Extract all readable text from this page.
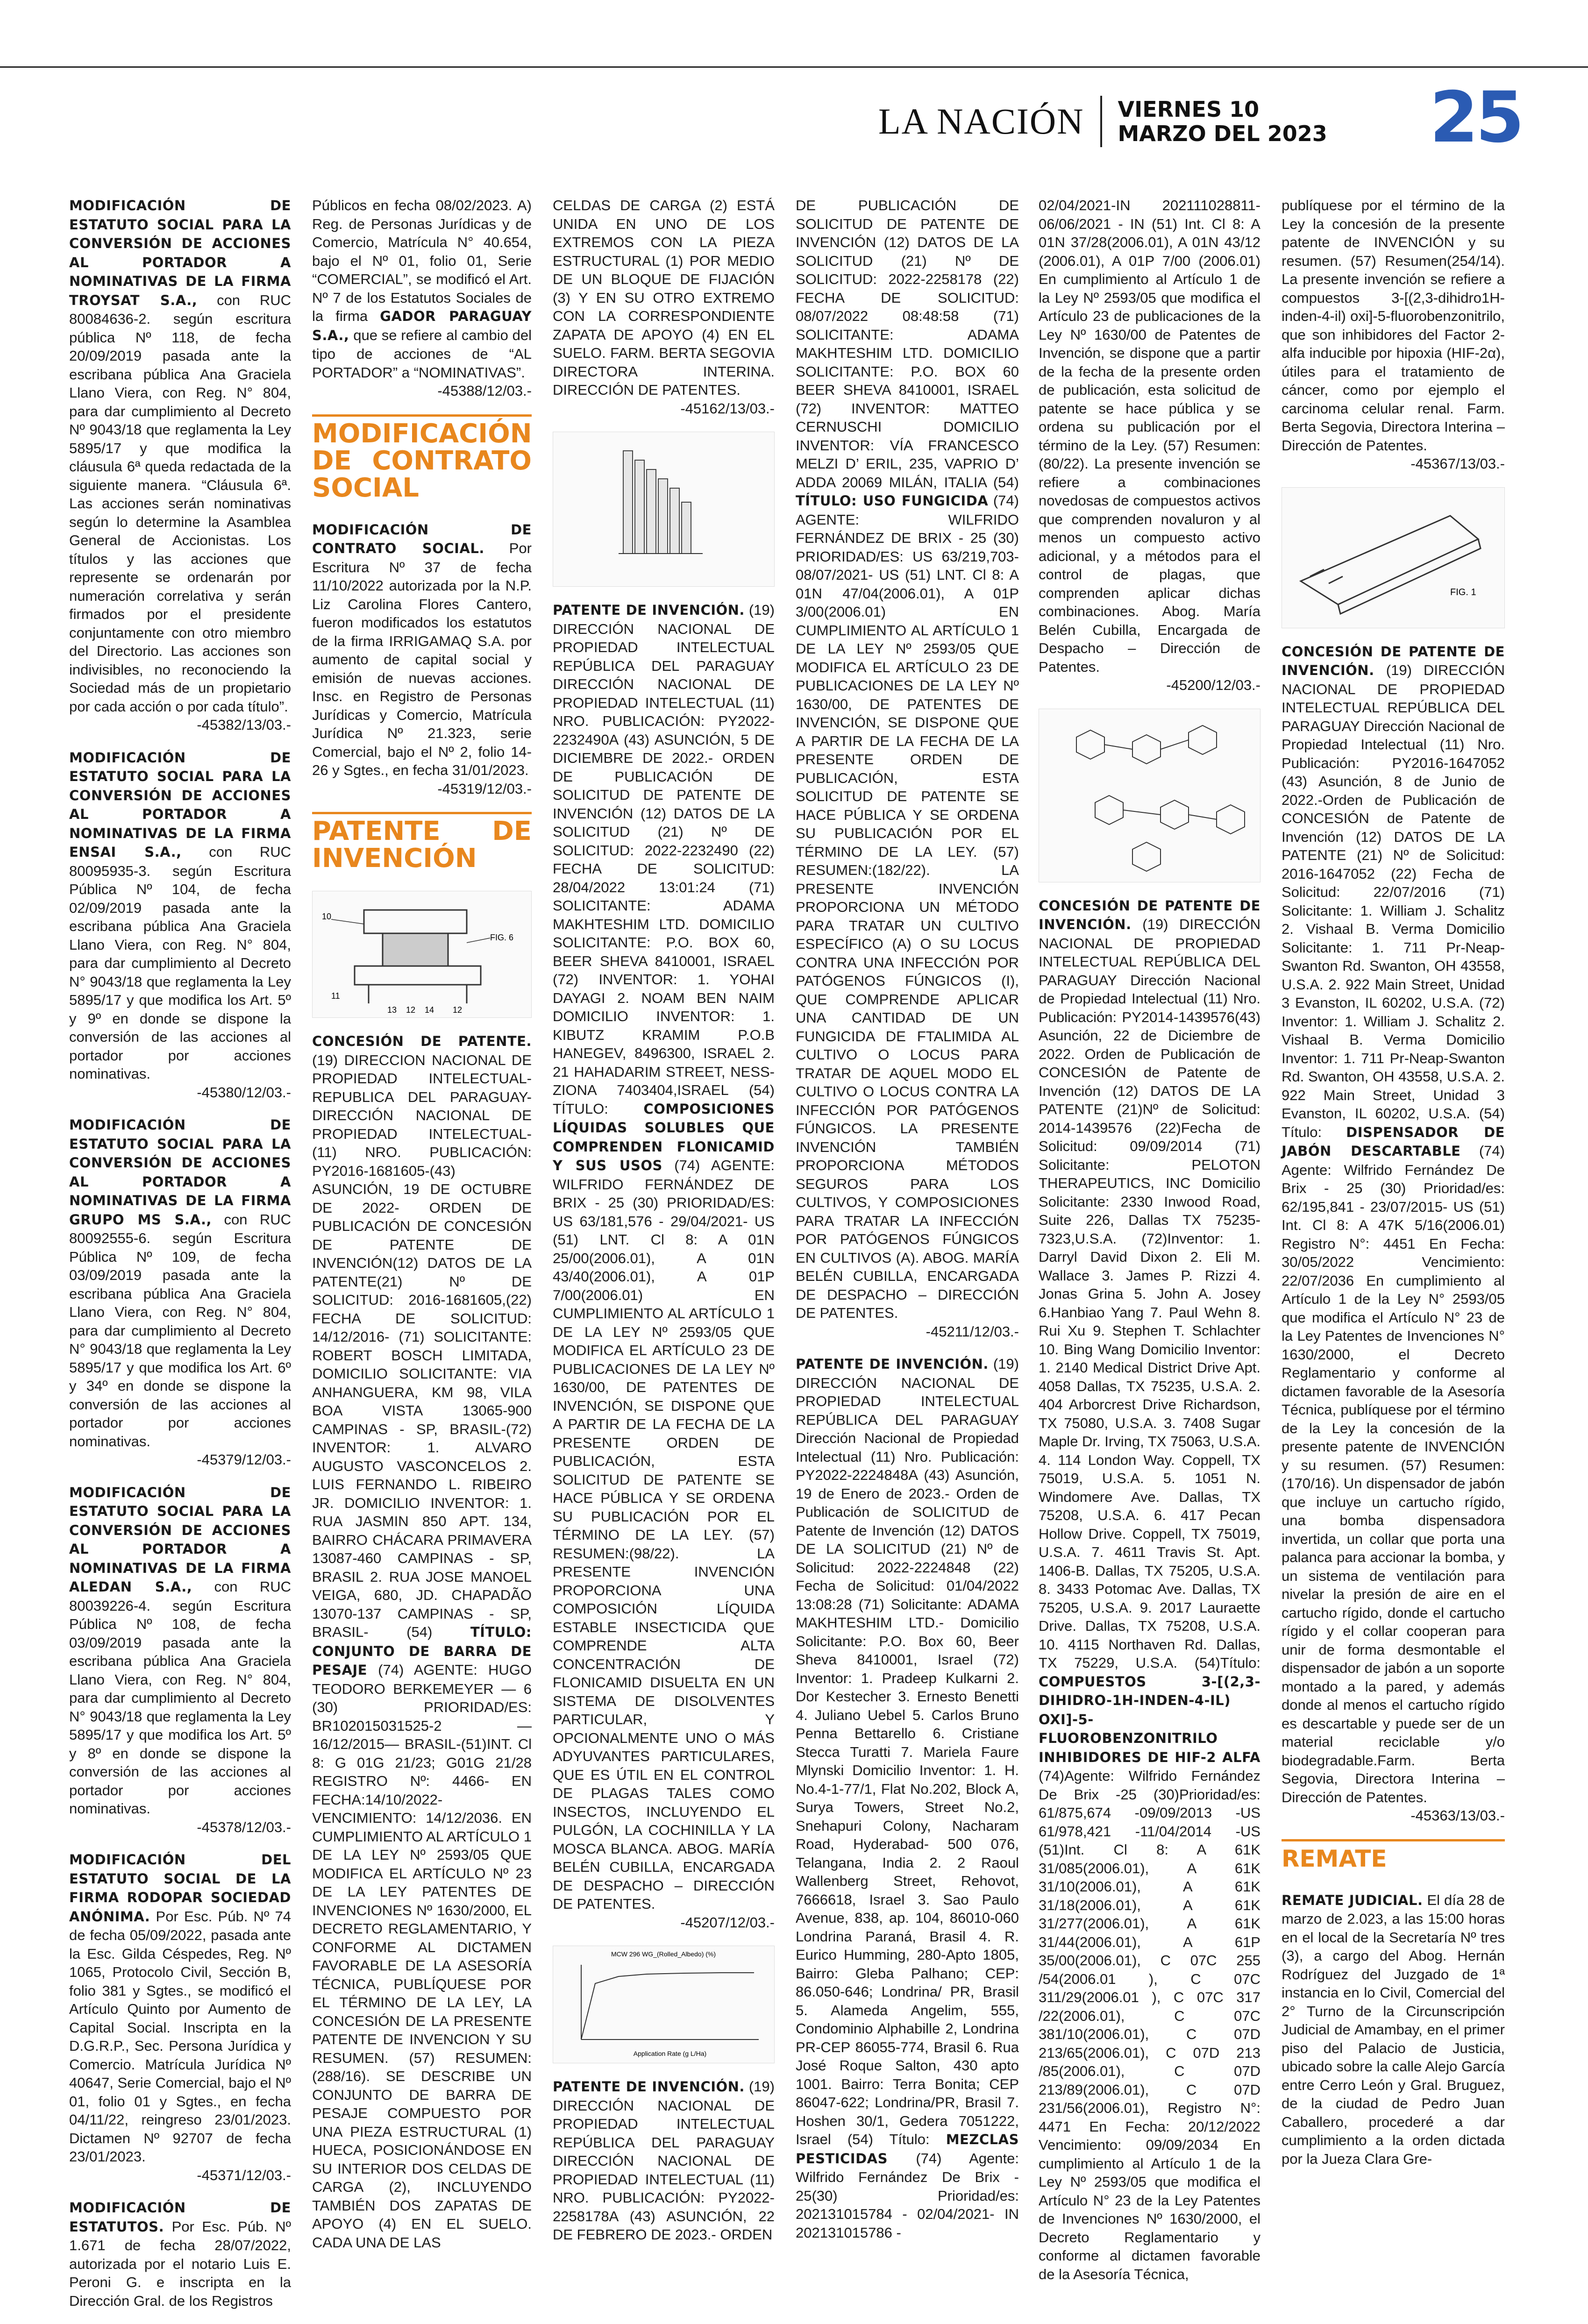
LA NACIÓN VIERNES 10
MARZO DEL 2023 25

MODIFICACIÓN DE ESTATUTO SOCIAL PARA LA CONVERSIÓN DE ACCIONES AL PORTADOR A NOMINATIVAS DE LA FIRMA TROYSAT S.A., con RUC 80084636-2. según escritura pública Nº 118, de fecha 20/09/2019 pasada ante la escribana pública Ana Graciela Llano Viera, con Reg. N° 804, para dar cumplimiento al Decreto Nº 9043/18 que reglamenta la Ley 5895/17 y que modifica la cláusula 6ª queda redactada de la siguiente manera. “Cláusula 6ª. Las acciones serán nominativas según lo determine la Asamblea General de Accionistas. Los títulos y las acciones que represente se ordenarán por numeración correlativa y serán firmados por el presidente conjuntamente con otro miembro del Directorio. Las acciones son indivisibles, no reconociendo la Sociedad más de un propietario por cada acción o por cada título”.
-45382/13/03.-

MODIFICACIÓN DE ESTATUTO SOCIAL PARA LA CONVERSIÓN DE ACCIONES AL PORTADOR A NOMINATIVAS DE LA FIRMA ENSAI S.A., con RUC 80095935-3. según Escritura Pública Nº 104, de fecha 02/09/2019 pasada ante la escribana pública Ana Graciela Llano Viera, con Reg. N° 804, para dar cumplimiento al Decreto N° 9043/18 que reglamenta la Ley 5895/17 y que modifica los Art. 5º y 9º en donde se dispone la conversión de las acciones al portador por acciones nominativas.
-45380/12/03.-

MODIFICACIÓN DE ESTATUTO SOCIAL PARA LA CONVERSIÓN DE ACCIONES AL PORTADOR A NOMINATIVAS DE LA FIRMA GRUPO MS S.A., con RUC 80092555-6. según Escritura Pública Nº 109, de fecha 03/09/2019 pasada ante la escribana pública Ana Graciela Llano Viera, con Reg. N° 804, para dar cumplimiento al Decreto N° 9043/18 que reglamenta la Ley 5895/17 y que modifica los Art. 6º y 34º en donde se dispone la conversión de las acciones al portador por acciones nominativas.
-45379/12/03.-

MODIFICACIÓN DE ESTATUTO SOCIAL PARA LA CONVERSIÓN DE ACCIONES AL PORTADOR A NOMINATIVAS DE LA FIRMA ALEDAN S.A., con RUC 80039226-4. según Escritura Pública Nº 108, de fecha 03/09/2019 pasada ante la escribana pública Ana Graciela Llano Viera, con Reg. N° 804, para dar cumplimiento al Decreto N° 9043/18 que reglamenta la Ley 5895/17 y que modifica los Art. 5º y 8º en donde se dispone la conversión de las acciones al portador por acciones nominativas.
-45378/12/03.-

MODIFICACIÓN DEL ESTATUTO SOCIAL DE LA FIRMA RODOPAR SOCIEDAD ANÓNIMA. Por Esc. Púb. Nº 74 de fecha 05/09/2022, pasada ante la Esc. Gilda Céspedes, Reg. Nº 1065, Protocolo Civil, Sección B, folio 381 y Sgtes., se modificó el Artículo Quinto por Aumento de Capital Social. Inscripta en la D.G.R.P., Sec. Persona Jurídica y Comercio. Matrícula Jurídica Nº 40647, Serie Comercial, bajo el Nº 01, folio 01 y Sgtes., en fecha 04/11/22, reingreso 23/01/2023. Dictamen Nº 92707 de fecha 23/01/2023.
-45371/12/03.-

MODIFICACIÓN DE ESTATUTOS. Por Esc. Púb. Nº 1.671 de fecha 28/07/2022, autorizada por el notario Luis E. Peroni G. e inscripta en la Dirección Gral. de los Registros

Públicos en fecha 08/02/2023. A) Reg. de Personas Jurídicas y de Comercio, Matrícula N° 40.654, bajo el Nº 01, folio 01, Serie “COMERCIAL”, se modificó el Art. Nº 7 de los Estatutos Sociales de la firma GADOR PARAGUAY S.A., que se refiere al cambio del tipo de acciones de “AL PORTADOR” a “NOMINATIVAS”.
-45388/12/03.-

MODIFICACIÓN DE CONTRATO SOCIAL

MODIFICACIÓN DE CONTRATO SOCIAL. Por Escritura Nº 37 de fecha 11/10/2022 autorizada por la N.P. Liz Carolina Flores Cantero, fueron modificados los estatutos de la firma IRRIGAMAQ S.A. por aumento de capital social y emisión de nuevas acciones. Insc. en Registro de Personas Jurídicas y Comercio, Matrícula Jurídica Nº 21.323, serie Comercial, bajo el Nº 2, folio 14-26 y Sgtes., en fecha 31/01/2023.
-45319/12/03.-

PATENTE DE INVENCIÓN
10
FIG. 6
11
12
13	14 12

CONCESIÓN DE PATENTE. (19) DIRECCION NACIONAL DE PROPIEDAD INTELECTUAL-REPUBLICA DEL PARAGUAY- DIRECCIÓN NACIONAL DE PROPIEDAD INTELECTUAL- (11) NRO. PUBLICACIÓN: PY2016-1681605-(43) ASUNCIÓN, 19 DE OCTUBRE DE 2022- ORDEN DE PUBLICACIÓN DE CONCESIÓN DE PATENTE DE INVENCIÓN(12) DATOS DE LA PATENTE(21) Nº DE SOLICITUD: 2016-1681605,(22) FECHA DE SOLICITUD: 14/12/2016- (71) SOLICITANTE: ROBERT BOSCH LIMITADA, DOMICILIO SOLICITANTE: VIA ANHANGUERA, KM 98, VILA BOA VISTA 13065-900 CAMPINAS - SP, BRASIL-(72) INVENTOR: 1. ALVARO AUGUSTO VASCONCELOS 2. LUIS FERNANDO L. RIBEIRO JR. DOMICILIO INVENTOR: 1. RUA JASMIN 850 APT. 134, BAIRRO CHÁCARA PRIMAVERA 13087-460 CAMPINAS - SP, BRASIL 2. RUA JOSE MANOEL VEIGA, 680, JD. CHAPADÃO 13070-137 CAMPINAS - SP, BRASIL- (54)	TÍTULO: CONJUNTO DE BARRA DE PESAJE (74) AGENTE: HUGO TEODORO BERKEMEYER — 6 (30) PRIORIDAD/ES: BR102015031525-2 —16/12/2015— BRASIL-(51)INT. Cl 8: G 01G 21/23; G01G 21/28 REGISTRO Nº: 4466- EN FECHA:14/10/2022- VENCIMIENTO: 14/12/2036. EN CUMPLIMIENTO AL ARTÍCULO 1 DE LA LEY Nº 2593/05 QUE MODIFICA EL ARTÍCULO Nº 23 DE LA LEY PATENTES DE INVENCIONES Nº 1630/2000, EL DECRETO REGLAMENTARIO, Y CONFORME AL DICTAMEN FAVORABLE DE LA ASESORÍA TÉCNICA, PUBLÍQUESE POR EL TÉRMINO DE LA LEY, LA CONCESIÓN DE LA PRESENTE PATENTE DE INVENCION Y SU RESUMEN. (57) RESUMEN: (288/16). SE DESCRIBE UN CONJUNTO DE BARRA DE PESAJE COMPUESTO POR UNA PIEZA ESTRUCTURAL (1) HUECA, POSICIONÁNDOSE EN SU INTERIOR DOS CELDAS DE CARGA (2), INCLUYENDO TAMBIÉN DOS ZAPATAS DE APOYO (4) EN EL SUELO. CADA UNA DE LAS

CELDAS DE CARGA (2) ESTÁ UNIDA EN UNO DE LOS EXTREMOS CON LA PIEZA ESTRUCTURAL (1) POR MEDIO DE UN BLOQUE DE FIJACIÓN (3) Y EN SU OTRO EXTREMO CON LA CORRESPONDIENTE ZAPATA DE APOYO (4) EN EL SUELO. FARM. BERTA SEGOVIA DIRECTORA INTERINA. DIRECCIÓN DE PATENTES.
-45162/13/03.-

PATENTE DE INVENCIÓN. (19) DIRECCIÓN NACIONAL DE PROPIEDAD INTELECTUAL REPÚBLICA DEL PARAGUAY DIRECCIÓN NACIONAL DE PROPIEDAD INTELECTUAL (11) NRO. PUBLICACIÓN: PY2022-2232490A (43) ASUNCIÓN, 5 DE DICIEMBRE DE 2022.- ORDEN DE PUBLICACIÓN DE SOLICITUD DE PATENTE DE INVENCIÓN (12) DATOS DE LA SOLICITUD (21) Nº DE SOLICITUD: 2022-2232490 (22) FECHA DE SOLICITUD: 28/04/2022 13:01:24 (71) SOLICITANTE: ADAMA MAKHTESHIM LTD. DOMICILIO SOLICITANTE: P.O. BOX 60, BEER SHEVA 8410001, ISRAEL (72) INVENTOR: 1. YOHAI DAYAGI 2. NOAM BEN NAIM DOMICILIO INVENTOR: 1. KIBUTZ KRAMIM P.O.B HANEGEV, 8496300, ISRAEL 2. 21 HAHADARIM STREET, NESS-ZIONA 7403404,ISRAEL (54) TÍTULO:	COMPOSICIONES LÍQUIDAS SOLUBLES QUE COMPRENDEN FLONICAMID Y SUS USOS (74) AGENTE: WILFRIDO FERNÁNDEZ DE BRIX - 25 (30) PRIORIDAD/ES: US 63/181,576 - 29/04/2021- US (51) LNT. Cl 8: A 01N 25/00(2006.01), A 01N 43/40(2006.01), A 01P 7/00(2006.01) EN CUMPLIMIENTO AL ARTÍCULO 1 DE LA LEY Nº 2593/05 QUE MODIFICA EL ARTÍCULO 23 DE PUBLICACIONES DE LA LEY Nº 1630/00, DE PATENTES DE INVENCIÓN, SE DISPONE QUE A PARTIR DE LA FECHA DE LA PRESENTE ORDEN DE PUBLICACIÓN, ESTA SOLICITUD DE PATENTE SE HACE PÚBLICA Y SE ORDENA SU PUBLICACIÓN POR EL TÉRMINO DE LA LEY. (57) RESUMEN:(98/22). LA PRESENTE INVENCIÓN PROPORCIONA UNA COMPOSICIÓN LÍQUIDA ESTABLE INSECTICIDA QUE COMPRENDE ALTA CONCENTRACIÓN DE FLONICAMID DISUELTA EN UN SISTEMA DE DISOLVENTES PARTICULAR, Y OPCIONALMENTE UNO O MÁS ADYUVANTES PARTICULARES, QUE ES ÚTIL EN EL CONTROL DE PLAGAS TALES COMO INSECTOS, INCLUYENDO EL PULGÓN, LA COCHINILLA Y LA MOSCA BLANCA. ABOG. MARÍA BELÉN CUBILLA, ENCARGADA DE DESPACHO – DIRECCIÓN DE PATENTES.
-45207/12/03.-

MCW 296 WG_(Rolled_Albedo) (%)
Application Rate (g L/Ha)

PATENTE DE INVENCIÓN. (19) DIRECCIÓN NACIONAL DE PROPIEDAD INTELECTUAL REPÚBLICA DEL PARAGUAY DIRECCIÓN NACIONAL DE PROPIEDAD INTELECTUAL (11) NRO. PUBLICACIÓN: PY2022-2258178A (43) ASUNCIÓN, 22 DE FEBRERO DE 2023.- ORDEN

DE PUBLICACIÓN DE SOLICITUD DE PATENTE DE INVENCIÓN (12) DATOS DE LA SOLICITUD (21) Nº DE SOLICITUD: 2022-2258178 (22) FECHA DE SOLICITUD: 08/07/2022 08:48:58 (71) SOLICITANTE: ADAMA MAKHTESHIM LTD. DOMICILIO SOLICITANTE: P.O. BOX 60 BEER SHEVA 8410001, ISRAEL (72) INVENTOR: MATTEO CERNUSCHI DOMICILIO INVENTOR: VÍA FRANCESCO MELZI D’ ERIL, 235, VAPRIO D’ ADDA 20069 MILÁN, ITALIA (54) TÍTULO: USO FUNGICIDA (74) AGENTE: WILFRIDO FERNÁNDEZ DE BRIX - 25 (30) PRIORIDAD/ES: US 63/219,703- 08/07/2021- US (51) LNT. Cl 8: A 01N 47/04(2006.01), A 01P 3/00(2006.01) EN CUMPLIMIENTO AL ARTÍCULO 1 DE LA LEY Nº 2593/05 QUE MODIFICA EL ARTÍCULO 23 DE PUBLICACIONES DE LA LEY Nº 1630/00, DE PATENTES DE INVENCIÓN, SE DISPONE QUE A PARTIR DE LA FECHA DE LA PRESENTE ORDEN DE PUBLICACIÓN, ESTA SOLICITUD DE PATENTE SE HACE PÚBLICA Y SE ORDENA SU PUBLICACIÓN POR EL TÉRMINO DE LA LEY. (57) RESUMEN:(182/22). LA PRESENTE INVENCIÓN PROPORCIONA UN MÉTODO PARA TRATAR UN CULTIVO ESPECÍFICO (A) O SU LOCUS CONTRA UNA INFECCIÓN POR PATÓGENOS FÚNGICOS (I), QUE COMPRENDE APLICAR UNA CANTIDAD DE UN FUNGICIDA DE FTALIMIDA AL CULTIVO O LOCUS PARA TRATAR DE AQUEL MODO EL CULTIVO O LOCUS CONTRA LA INFECCIÓN POR PATÓGENOS FÚNGICOS. LA PRESENTE INVENCIÓN TAMBIÉN PROPORCIONA MÉTODOS SEGUROS PARA LOS CULTIVOS, Y COMPOSICIONES PARA TRATAR LA INFECCIÓN POR PATÓGENOS FÚNGICOS EN CULTIVOS (A). ABOG. MARÍA BELÉN CUBILLA, ENCARGADA DE DESPACHO – DIRECCIÓN DE PATENTES.
-45211/12/03.-

PATENTE DE INVENCIÓN. (19) DIRECCIÓN NACIONAL DE PROPIEDAD INTELECTUAL REPÚBLICA DEL PARAGUAY Dirección Nacional de Propiedad Intelectual (11) Nro. Publicación: PY2022-2224848A (43) Asunción, 19 de Enero de 2023.- Orden de Publicación de SOLICITUD de Patente de Invención (12) DATOS DE LA SOLICITUD (21) Nº de Solicitud: 2022-2224848 (22) Fecha de Solicitud: 01/04/2022 13:08:28 (71) Solicitante: ADAMA MAKHTESHIM LTD.- Domicilio Solicitante: P.O. Box 60, Beer Sheva 8410001, Israel (72) Inventor: 1. Pradeep Kulkarni 2. Dor Kestecher 3. Ernesto Benetti 4. Juliano Uebel 5. Carlos Bruno Penna Bettarello 6. Cristiane Stecca Turatti 7. Mariela Faure Mlynski Domicilio Inventor: 1. H. No.4-1-77/1, Flat No.202, Block A, Surya Towers, Street No.2, Snehapuri Colony, Nacharam Road, Hyderabad- 500 076, Telangana, India 2. 2 Raoul Wallenberg Street, Rehovot, 7666618, Israel 3. Sao Paulo Avenue, 838, ap. 104, 86010-060 Londrina Paraná, Brasil 4. R. Eurico Humming, 280-Apto 1805, Bairro: Gleba Palhano; CEP: 86.050-646; Londrina/ PR, Brasil 5. Alameda Angelim, 555, Condominio Alphabille 2, Londrina PR-CEP 86055-774, Brasil 6. Rua José Roque Salton, 430 apto 1001. Bairro: Terra Bonita; CEP 86047-622; Londrina/PR, Brasil 7. Hoshen 30/1, Gedera 7051222, Israel (54) Título: MEZCLAS PESTICIDAS (74) Agente: Wilfrido Fernández De Brix - 25(30) Prioridad/es: 202131015784 - 02/04/2021- IN 202131015786 -

02/04/2021-IN 202111028811- 06/06/2021 - IN (51) Int. Cl 8: A 01N 37/28(2006.01), A 01N 43/12 (2006.01), A 01P 7/00 (2006.01) En cumplimiento al Artículo 1 de la Ley Nº 2593/05 que modifica el Artículo 23 de publicaciones de la Ley Nº 1630/00 de Patentes de Invención, se dispone que a partir de la fecha de la presente orden de publicación, esta solicitud de patente se hace pública y se ordena su publicación por el término de la Ley. (57) Resumen:(80/22). La presente invención se refiere a combinaciones novedosas de compuestos activos que comprenden novaluron y al menos un compuesto activo adicional, y a métodos para el control de plagas, que comprenden aplicar dichas combinaciones. Abog. María Belén Cubilla, Encargada de Despacho – Dirección de Patentes.
-45200/12/03.-

CONCESIÓN DE PATENTE DE INVENCIÓN. (19) DIRECCIÓN NACIONAL DE PROPIEDAD INTELECTUAL REPÚBLICA DEL PARAGUAY Dirección Nacional de Propiedad Intelectual (11) Nro. Publicación: PY2014-1439576(43) Asunción, 22 de Diciembre de 2022. Orden de Publicación de CONCESIÓN de Patente de Invención (12) DATOS DE LA PATENTE (21)Nº de Solicitud: 2014-1439576 (22)Fecha de Solicitud: 09/09/2014 (71) Solicitante: PELOTON THERAPEUTICS, INC Domicilio Solicitante: 2330 Inwood Road, Suite 226, Dallas TX 75235-7323,U.S.A. (72)Inventor: 1. Darryl David Dixon 2. Eli M. Wallace 3. James P. Rizzi 4. Jonas Grina 5. John A. Josey 6.Hanbiao Yang 7. Paul Wehn 8. Rui Xu 9. Stephen T. Schlachter 10. Bing Wang Domicilio Inventor: 1. 2140 Medical District Drive Apt. 4058 Dallas, TX 75235, U.S.A. 2. 404 Arborcrest Drive Richardson, TX 75080, U.S.A. 3. 7408 Sugar Maple Dr. Irving, TX 75063, U.S.A. 4. 114 London Way. Coppell, TX 75019, U.S.A. 5. 1051 N. Windomere Ave. Dallas, TX 75208, U.S.A. 6. 417 Pecan Hollow Drive. Coppell, TX 75019, U.S.A. 7. 4611 Travis St. Apt. 1406-B. Dallas, TX 75205, U.S.A. 8. 3433 Potomac Ave. Dallas, TX 75205, U.S.A. 9. 2017 Lauraette Drive. Dallas, TX 75208, U.S.A. 10. 4115 Northaven Rd. Dallas, TX 75229, U.S.A. (54)Título: COMPUESTOS 3-[(2,3-DIHIDRO-1H-INDEN-4-IL) OXI]-5-FLUOROBENZONITRILO INHIBIDORES DE HIF-2 ALFA (74)Agente: Wilfrido Fernández De Brix -25 (30)Prioridad/es: 61/875,674 -09/09/2013 -US 61/978,421 -11/04/2014 -US (51)Int. Cl 8: A 61K 31/085(2006.01), A 61K 31/10(2006.01), A 61K 31/18(2006.01), A 61K 31/277(2006.01), A 61K 31/44(2006.01), A 61P 35/00(2006.01), C 07C 255 /54(2006.01 ), C 07C 311/29(2006.01 ), C 07C 317 /22(2006.01), C 07C 381/10(2006.01), C 07D 213/65(2006.01), C 07D 213 /85(2006.01), C 07D 213/89(2006.01), C 07D 231/56(2006.01), Registro N°: 4471 En Fecha: 20/12/2022 Vencimiento: 09/09/2034 En cumplimiento al Artículo 1 de la Ley Nº 2593/05 que modifica el Artículo N° 23 de la Ley Patentes de Invenciones Nº 1630/2000, el Decreto Reglamentario y conforme al dictamen favorable de la Asesoría Técnica,

publíquese por el término de la Ley la concesión de la presente patente de INVENCIÓN y su resumen. (57) Resumen(254/14). La presente invención se refiere a compuestos 3-[(2,3-dihidro1H-inden-4-il) oxi]-5-fluorobenzonitrilo, que son inhibidores del Factor 2- alfa inducible por hipoxia (HIF-2α), útiles para el tratamiento de cáncer, como por ejemplo el carcinoma celular renal. Farm. Berta Segovia, Directora Interina – Dirección de Patentes.
-45367/13/03.-

FIG. 1

CONCESIÓN DE PATENTE DE INVENCIÓN. (19) DIRECCIÓN NACIONAL DE PROPIEDAD INTELECTUAL REPÚBLICA DEL PARAGUAY Dirección Nacional de Propiedad Intelectual (11) Nro. Publicación: PY2016-1647052 (43) Asunción, 8 de Junio de 2022.-Orden de Publicación de CONCESIÓN de Patente de Invención (12) DATOS DE LA PATENTE (21) Nº de Solicitud: 2016-1647052 (22) Fecha de Solicitud: 22/07/2016 (71) Solicitante: 1. William J. Schalitz 2. Vishaal B. Verma Domicilio Solicitante: 1. 711 Pr-Neap-Swanton Rd. Swanton, OH 43558, U.S.A. 2. 922 Main Street, Unidad 3 Evanston, IL 60202, U.S.A. (72) Inventor: 1. William J. Schalitz 2. Vishaal B. Verma Domicilio Inventor: 1. 711 Pr-Neap-Swanton Rd. Swanton, OH 43558, U.S.A. 2. 922 Main Street, Unidad 3 Evanston, IL 60202, U.S.A. (54) Título: DISPENSADOR DE JABÓN DESCARTABLE (74) Agente: Wilfrido Fernández De Brix - 25 (30) Prioridad/es: 62/195,841 - 23/07/2015- US (51) Int. Cl 8: A 47K 5/16(2006.01) Registro N°: 4451 En Fecha: 30/05/2022 Vencimiento: 22/07/2036 En cumplimiento al Artículo 1 de la Ley N° 2593/05 que modifica el Artículo N° 23 de la Ley Patentes de Invenciones N° 1630/2000, el Decreto Reglamentario y conforme al dictamen favorable de la Asesoría Técnica, publíquese por el término de la Ley la concesión de la presente patente de INVENCIÓN y su resumen. (57) Resumen: (170/16). Un dispensador de jabón que incluye un cartucho rígido, una bomba dispensadora invertida, un collar que porta una palanca para accionar la bomba, y un sistema de ventilación para nivelar la presión de aire en el cartucho rígido, donde el cartucho rígido y el collar cooperan para unir de forma desmontable el dispensador de jabón a un soporte montado a la pared, y además donde al menos el cartucho rígido es descartable y puede ser de un material reciclable y/o biodegradable.Farm. Berta Segovia, Directora Interina – Dirección de Patentes.
-45363/13/03.-

REMATE

REMATE JUDICIAL. El día 28 de marzo de 2.023, a las 15:00 horas en el local de la Secretaría Nº tres (3), a cargo del Abog. Hernán Rodríguez del Juzgado de 1ª instancia en lo Civil, Comercial del 2° Turno de la Circunscripción Judicial de Amambay, en el primer piso del Palacio de Justicia, ubicado sobre la calle Alejo García entre Cerro León y Gral. Bruguez, de la ciudad de Pedro Juan Caballero, procederé a dar cumplimiento a la orden dictada por la Jueza Clara Gre-
